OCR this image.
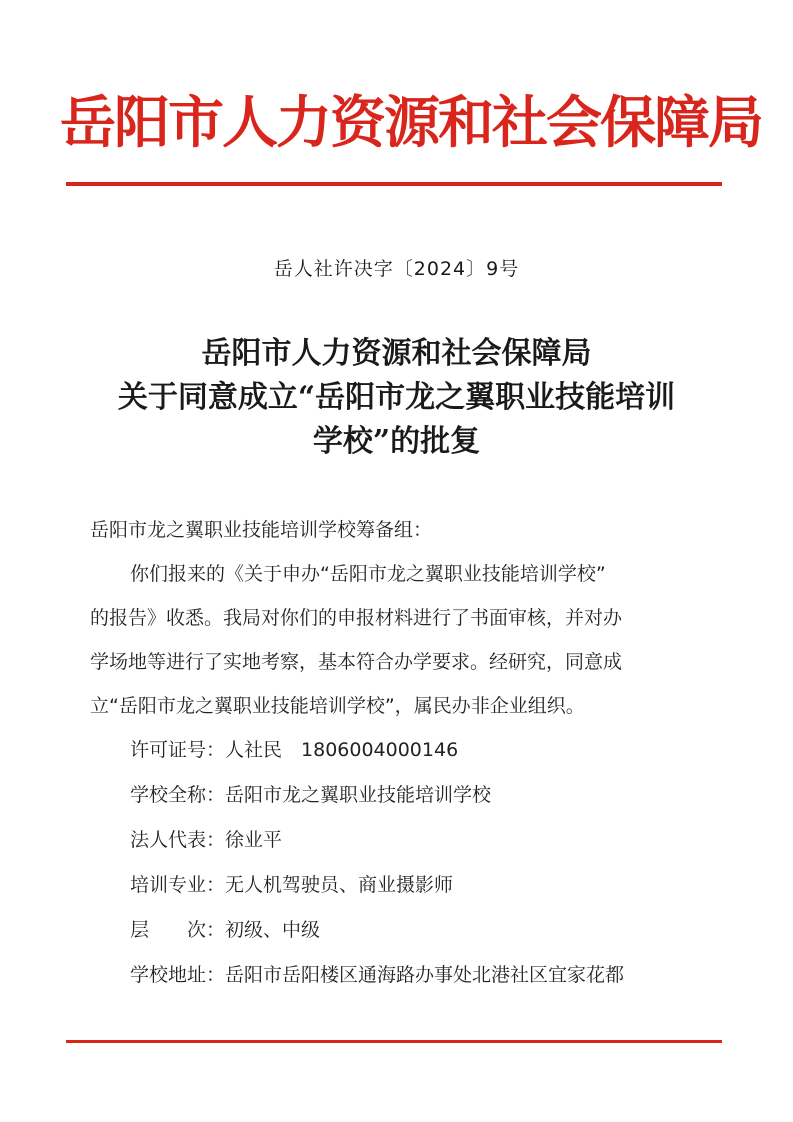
岳阳市人力资源和社会保障局
岳人社许决字〔2024〕9号
岳阳市人力资源和社会保障局
关于同意成立“岳阳市龙之翼职业技能培训
学校”的批复
岳阳市龙之翼职业技能培训学校筹备组：
你们报来的《关于申办“岳阳市龙之翼职业技能培训学校”
的报告》收悉。我局对你们的申报材料进行了书面审核，并对办
学场地等进行了实地考察，基本符合办学要求。经研究，同意成
立“岳阳市龙之翼职业技能培训学校”，属民办非企业组织。
许可证号：人社民　1806004000146
学校全称：岳阳市龙之翼职业技能培训学校
法人代表：徐业平
培训专业：无人机驾驶员、商业摄影师
层　　次：初级、中级
学校地址：岳阳市岳阳楼区通海路办事处北港社区宜家花都
